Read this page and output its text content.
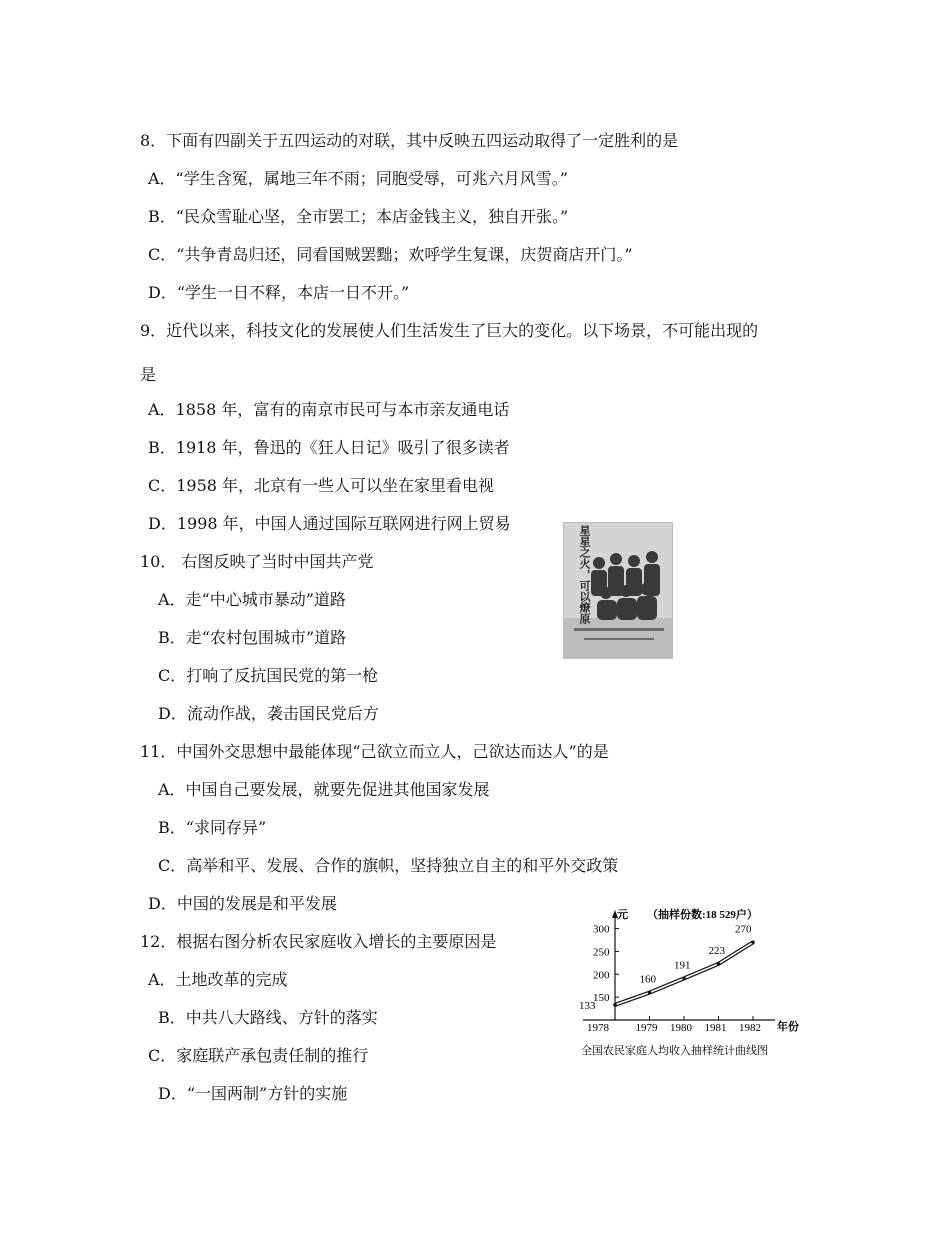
8．下面有四副关于五四运动的对联，其中反映五四运动取得了一定胜利的是
A．“学生含冤，属地三年不雨；同胞受辱，可兆六月风雪。”
B．“民众雪耻心坚，全市罢工；本店金钱主义，独自开张。”
C．“共争青岛归还，同看国贼罢黜；欢呼学生复课，庆贺商店开门。”
D．“学生一日不释，本店一日不开。”
9．近代以来，科技文化的发展使人们生活发生了巨大的变化。以下场景，不可能出现的
是
A．1858 年，富有的南京市民可与本市亲友通电话
B．1918 年，鲁迅的《狂人日记》吸引了很多读者
C．1958 年，北京有一些人可以坐在家里看电视
D．1998 年，中国人通过国际互联网进行网上贸易
10． 右图反映了当时中国共产党
A．走“中心城市暴动”道路
B．走“农村包围城市”道路
C．打响了反抗国民党的第一枪
D．流动作战，袭击国民党后方
星星之火，可以燎原
11．中国外交思想中最能体现“己欲立而立人，己欲达而达人”的是
A．中国自己要发展，就要先促进其他国家发展
B．“求同存异”
C．高举和平、发展、合作的旗帜，坚持独立自主的和平外交政策
D．中国的发展是和平发展
12．根据右图分析农民家庭收入增长的主要原因是
A．土地改革的完成
B．中共八大路线、方针的落实
C．家庭联产承包责任制的推行
D．“一国两制”方针的实施
元 （抽样份数:18 529户）
150
200
250
300
1978 1979 1980 1981 1982
133
160
191
223
270
年份
全国农民家庭人均收入抽样统计曲线图
